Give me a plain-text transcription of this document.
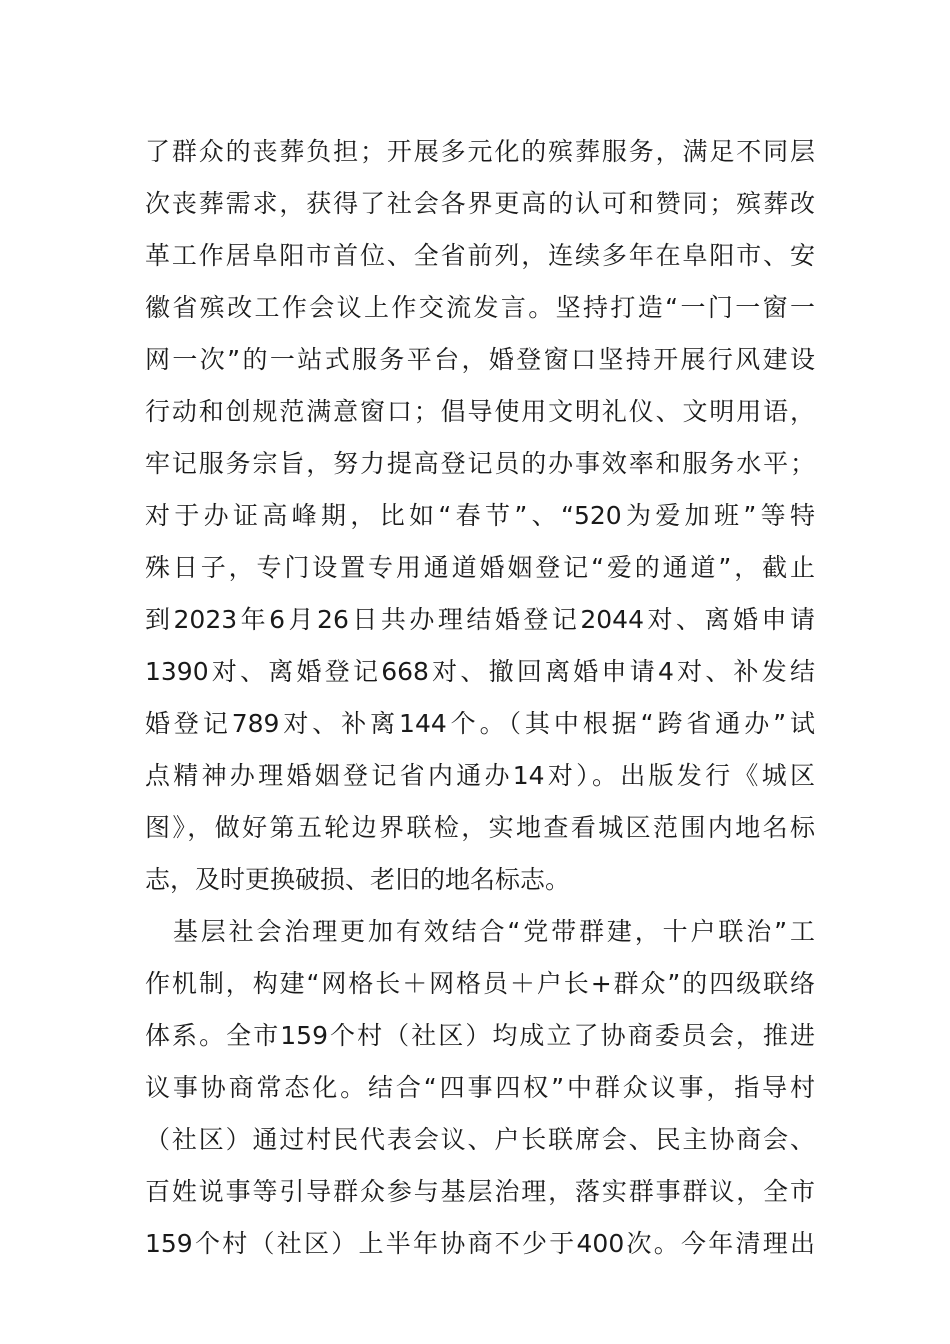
了群众的丧葬负担；开展多元化的殡葬服务，满足不同层
次丧葬需求，获得了社会各界更高的认可和赞同；殡葬改
革工作居阜阳市首位、全省前列，连续多年在阜阳市、安
徽省殡改工作会议上作交流发言。坚持打造“一门一窗一
网一次”的一站式服务平台，婚登窗口坚持开展行风建设
行动和创规范满意窗口；倡导使用文明礼仪、文明用语，
牢记服务宗旨，努力提高登记员的办事效率和服务水平；
对于办证高峰期，比如“春节”、“520为爱加班”等特
殊日子，专门设置专用通道婚姻登记“爱的通道”，截止
到2023年6月26日共办理结婚登记2044对、离婚申请
1390对、离婚登记668对、撤回离婚申请4对、补发结
婚登记789对、补离144个。（其中根据“跨省通办”试
点精神办理婚姻登记省内通办14对）。出版发行《城区
图》，做好第五轮边界联检，实地查看城区范围内地名标
志，及时更换破损、老旧的地名标志。
　基层社会治理更加有效结合“党带群建，十户联治”工
作机制，构建“网格长＋网格员＋户长+群众”的四级联络
体系。全市159个村（社区）均成立了协商委员会，推进
议事协商常态化。结合“四事四权”中群众议事，指导村
（社区）通过村民代表会议、户长联席会、民主协商会、
百姓说事等引导群众参与基层治理，落实群事群议，全市
159个村（社区）上半年协商不少于400次。今年清理出
